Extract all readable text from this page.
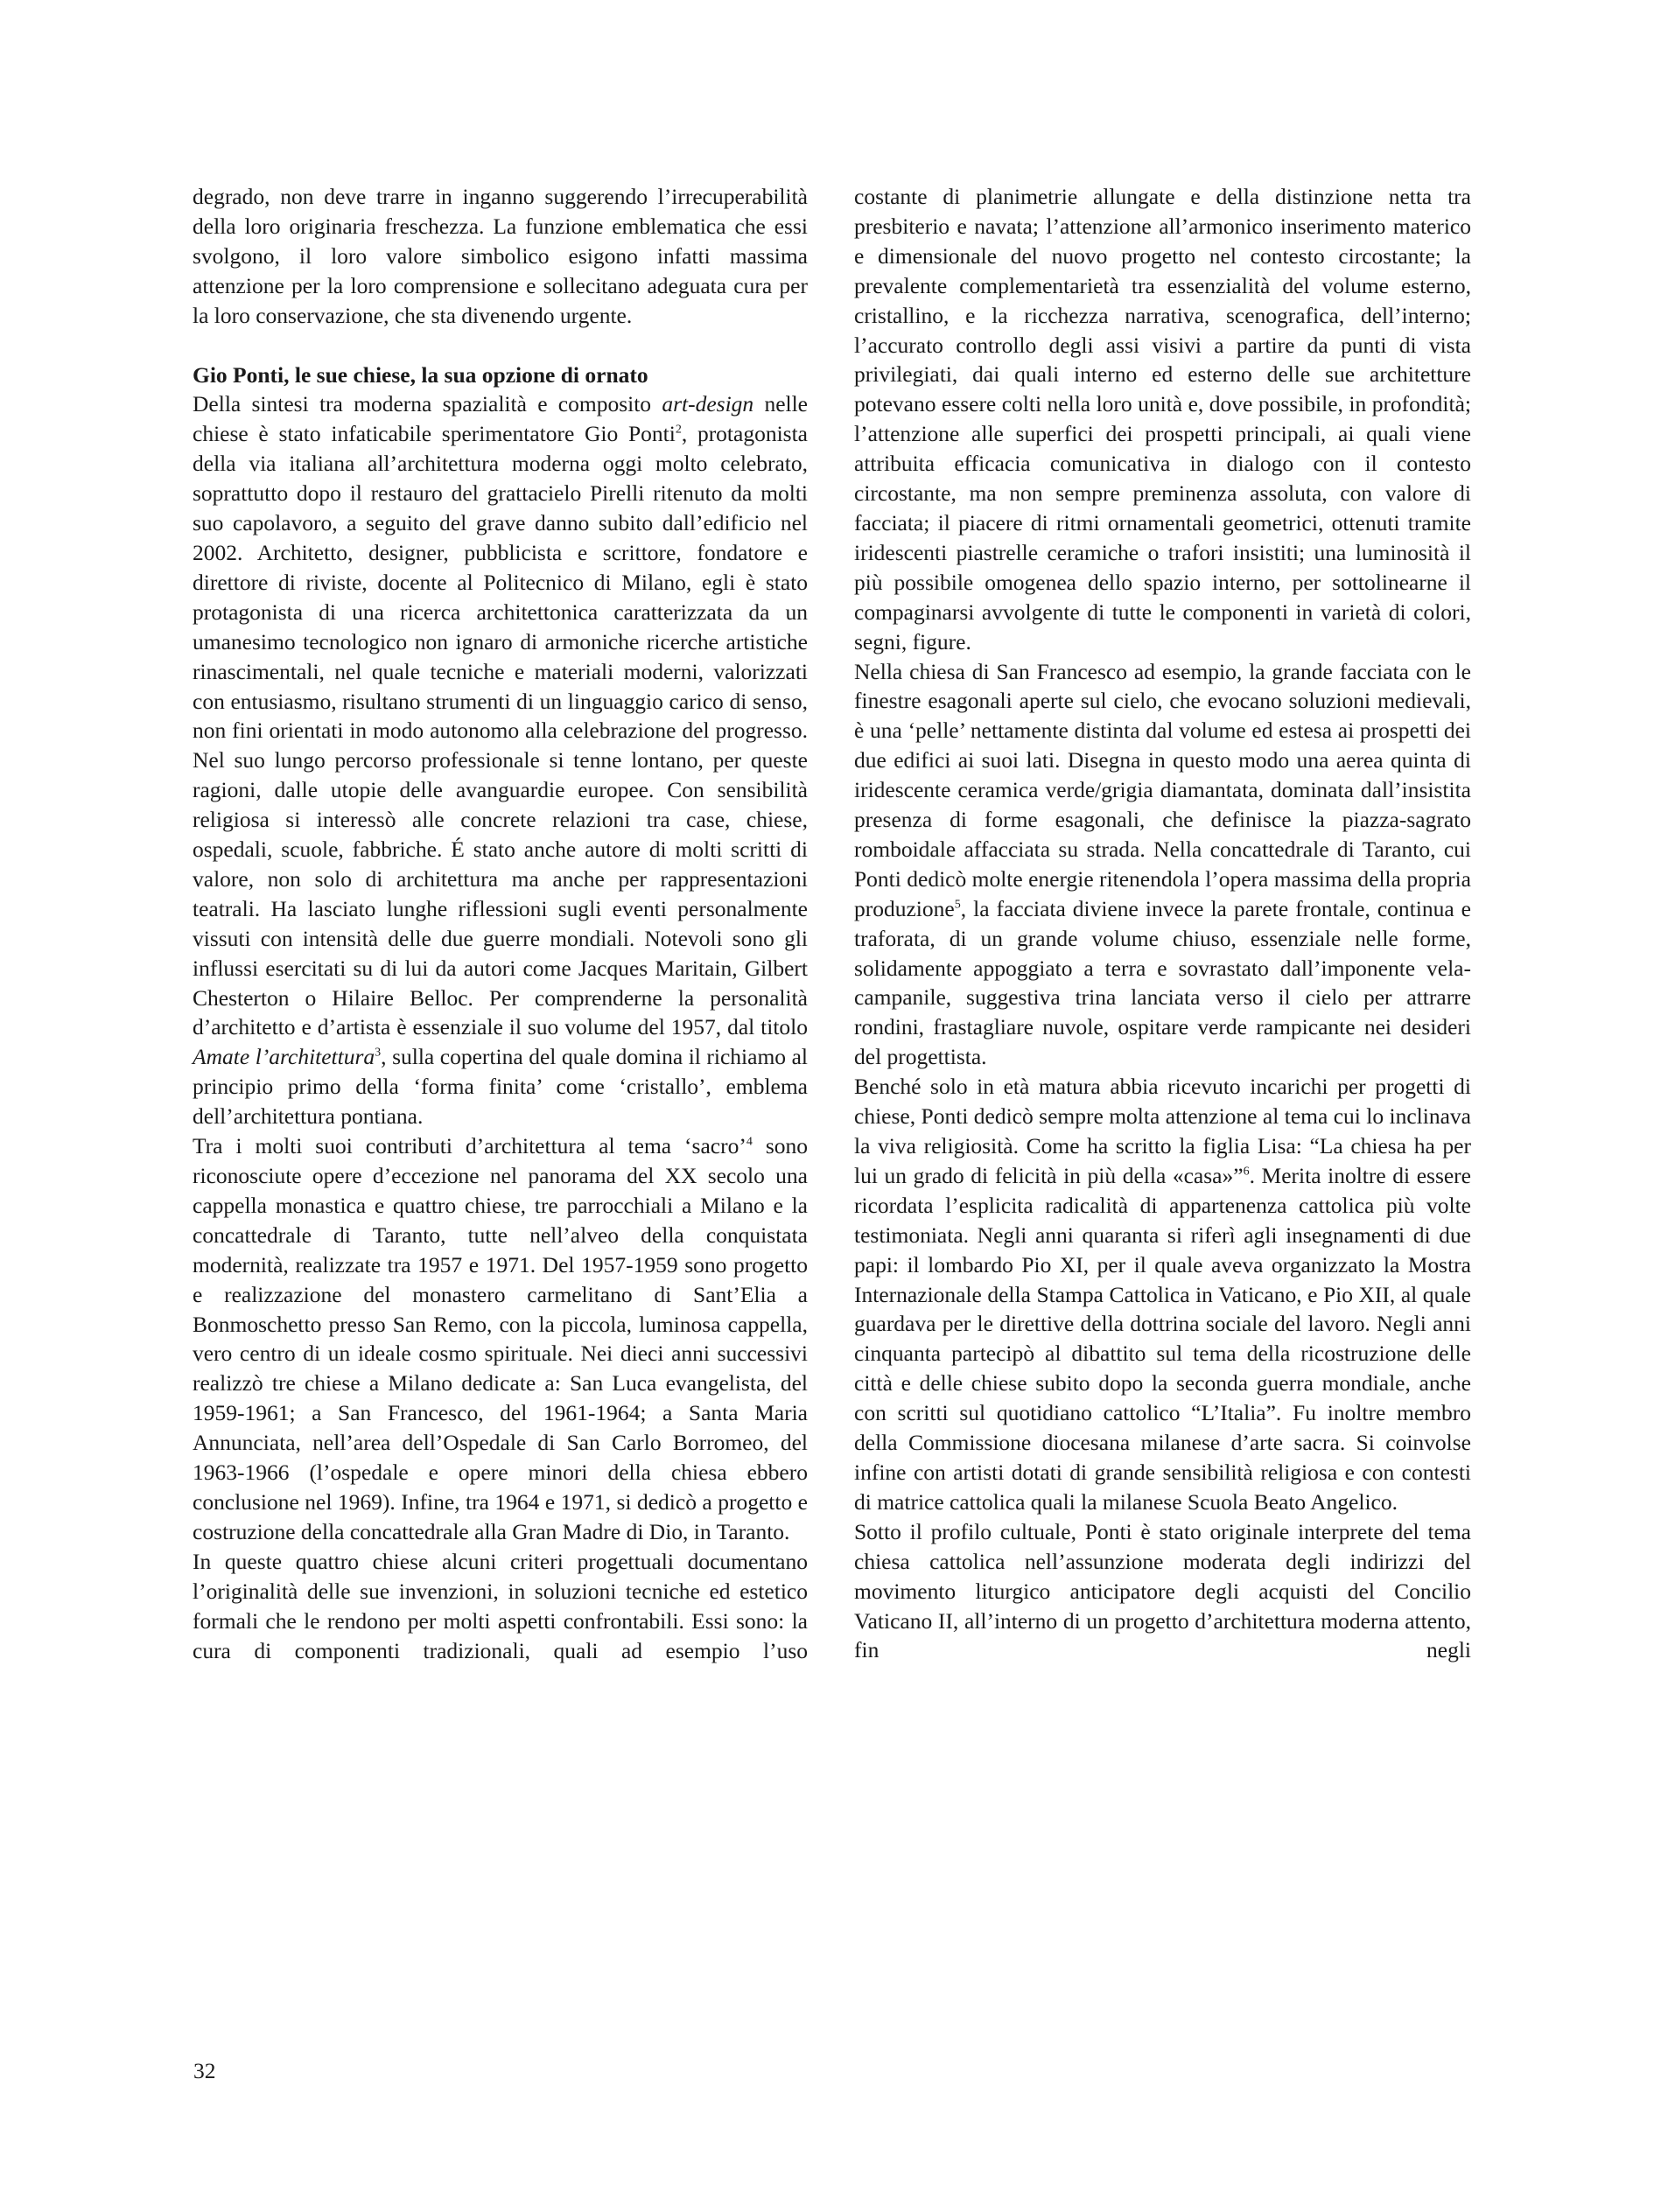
degrado, non deve trarre in inganno suggerendo l’irrecuperabilità della loro originaria freschezza. La funzione emblematica che essi svolgono, il loro valore simbolico esigono infatti massima attenzione per la loro comprensione e sollecitano adeguata cura per la loro conservazione, che sta divenendo urgente.

Gio Ponti, le sue chiese, la sua opzione di ornato

Della sintesi tra moderna spazialità e composito art-design nelle chiese è stato infaticabile sperimentatore Gio Ponti$^2$, protagonista della via italiana all’architettura moderna oggi molto celebrato, soprattutto dopo il restauro del grattacielo Pirelli ritenuto da molti suo capolavoro, a seguito del grave danno subito dall’edificio nel 2002. Architetto, designer, pubblicista e scrittore, fondatore e direttore di riviste, docente al Politecnico di Milano, egli è stato protagonista di una ricerca architettonica caratterizzata da un umanesimo tecnologico non ignaro di armoniche ricerche artistiche rinascimentali, nel quale tecniche e materiali moderni, valorizzati con entusiasmo, risultano strumenti di un linguaggio carico di senso, non fini orientati in modo autonomo alla celebrazione del progresso. Nel suo lungo percorso professionale si tenne lontano, per queste ragioni, dalle utopie delle avanguardie europee. Con sensibilità religiosa si interessò alle concrete relazioni tra case, chiese, ospedali, scuole, fabbriche. É stato anche autore di molti scritti di valore, non solo di architettura ma anche per rappresentazioni teatrali. Ha lasciato lunghe riflessioni sugli eventi personalmente vissuti con intensità delle due guerre mondiali. Notevoli sono gli influssi esercitati su di lui da autori come Jacques Maritain, Gilbert Chesterton o Hilaire Belloc. Per comprenderne la personalità d’architetto e d’artista è essenziale il suo volume del 1957, dal titolo Amate l’architettura$^3$, sulla copertina del quale domina il richiamo al principio primo della ‘forma finita’ come ‘cristallo’, emblema dell’architettura pontiana.

Tra i molti suoi contributi d’architettura al tema ‘sacro’$^4$ sono riconosciute opere d’eccezione nel panorama del XX secolo una cappella monastica e quattro chiese, tre parrocchiali a Milano e la concattedrale di Taranto, tutte nell’alveo della conquistata modernità, realizzate tra 1957 e 1971. Del 1957-1959 sono progetto e realizzazione del monastero carmelitano di Sant’Elia a Bonmoschetto presso San Remo, con la piccola, luminosa cappella, vero centro di un ideale cosmo spirituale. Nei dieci anni successivi realizzò tre chiese a Milano dedicate a: San Luca evangelista, del 1959-1961; a San Francesco, del 1961-1964; a Santa Maria Annunciata, nell’area dell’Ospedale di San Carlo Borromeo, del 1963-1966 (l’ospedale e opere minori della chiesa ebbero conclusione nel 1969). Infine, tra 1964 e 1971, si dedicò a progetto e costruzione della concattedrale alla Gran Madre di Dio, in Taranto.

In queste quattro chiese alcuni criteri progettuali documentano l’originalità delle sue invenzioni, in soluzioni tecniche ed estetico formali che le rendono per molti aspetti confrontabili. Essi sono: la cura di componenti tradizionali, quali ad esempio l’uso

costante di planimetrie allungate e della distinzione netta tra presbiterio e navata; l’attenzione all’armonico inserimento materico e dimensionale del nuovo progetto nel contesto circostante; la prevalente complementarietà tra essenzialità del volume esterno, cristallino, e la ricchezza narrativa, scenografica, dell’interno; l’accurato controllo degli assi visivi a partire da punti di vista privilegiati, dai quali interno ed esterno delle sue architetture potevano essere colti nella loro unità e, dove possibile, in profondità; l’attenzione alle superfici dei prospetti principali, ai quali viene attribuita efficacia comunicativa in dialogo con il contesto circostante, ma non sempre preminenza assoluta, con valore di facciata; il piacere di ritmi ornamentali geometrici, ottenuti tramite iridescenti piastrelle ceramiche o trafori insistiti; una luminosità il più possibile omogenea dello spazio interno, per sottolinearne il compaginarsi avvolgente di tutte le componenti in varietà di colori, segni, figure.

Nella chiesa di San Francesco ad esempio, la grande facciata con le finestre esagonali aperte sul cielo, che evocano soluzioni medievali, è una ‘pelle’ nettamente distinta dal volume ed estesa ai prospetti dei due edifici ai suoi lati. Disegna in questo modo una aerea quinta di iridescente ceramica verde/grigia diamantata, dominata dall’insistita presenza di forme esagonali, che definisce la piazza-sagrato romboidale affacciata su strada. Nella concattedrale di Taranto, cui Ponti dedicò molte energie ritenendola l’opera massima della propria produzione$^5$, la facciata diviene invece la parete frontale, continua e traforata, di un grande volume chiuso, essenziale nelle forme, solidamente appoggiato a terra e sovrastato dall’imponente vela-campanile, suggestiva trina lanciata verso il cielo per attrarre rondini, frastagliare nuvole, ospitare verde rampicante nei desideri del progettista.

Benché solo in età matura abbia ricevuto incarichi per progetti di chiese, Ponti dedicò sempre molta attenzione al tema cui lo inclinava la viva religiosità. Come ha scritto la figlia Lisa: “La chiesa ha per lui un grado di felicità in più della «casa»”$^6$. Merita inoltre di essere ricordata l’esplicita radicalità di appartenenza cattolica più volte testimoniata. Negli anni quaranta si riferì agli insegnamenti di due papi: il lombardo Pio XI, per il quale aveva organizzato la Mostra Internazionale della Stampa Cattolica in Vaticano, e Pio XII, al quale guardava per le direttive della dottrina sociale del lavoro. Negli anni cinquanta partecipò al dibattito sul tema della ricostruzione delle città e delle chiese subito dopo la seconda guerra mondiale, anche con scritti sul quotidiano cattolico “L’Italia”. Fu inoltre membro della Commissione diocesana milanese d’arte sacra. Si coinvolse infine con artisti dotati di grande sensibilità religiosa e con contesti di matrice cattolica quali la milanese Scuola Beato Angelico.

Sotto il profilo cultuale, Ponti è stato originale interprete del tema chiesa cattolica nell’assunzione moderata degli indirizzi del movimento liturgico anticipatore degli acquisti del Concilio Vaticano II, all’interno di un progetto d’architettura moderna attento, fin negli

32
